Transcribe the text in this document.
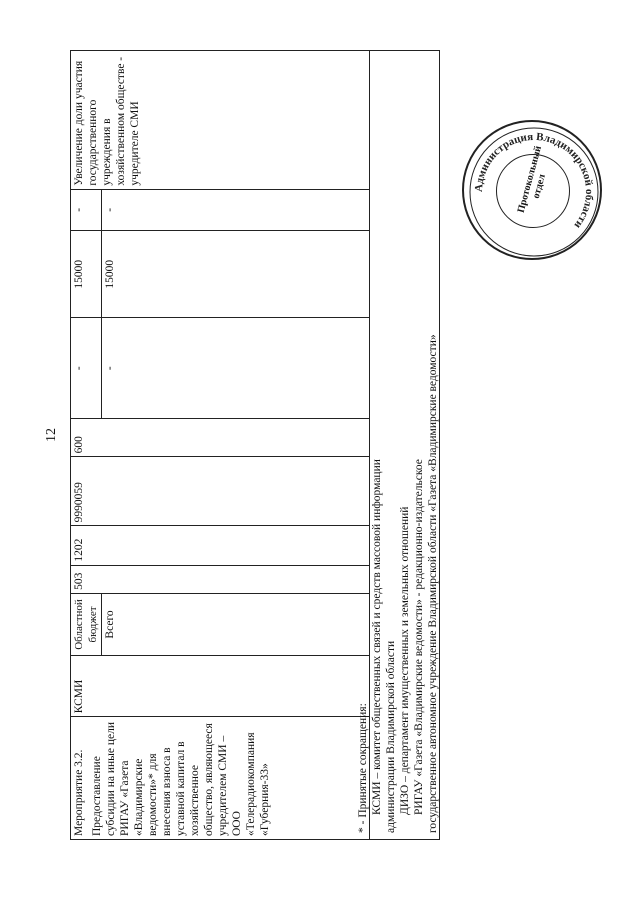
12
Мероприятие 3.2. Предоставление субсидии на иные цели РИГАУ «Газета «Владимирские ведомости»* для внесения взноса в уставной капитал в хозяйственное общество, являющееся учредителем СМИ – ООО «Телерадиокомпания «Губерния-33»	КСМИ	Областной бюджет	503	1202	9990059	600	-	15000	-	Увеличение доли участия государственного учреждения в хозяйственном обществе - учредителе СМИ
		Всего					-	15000	-	
* - Принятые сокращения: КСМИ – комитет общественных связей и средств массовой информации администрации Владимирской области ДИЗО – департамент имущественных и земельных отношений РИГАУ «Газета «Владимирские ведомости» - редакционно-издательское государственное автономное учреждение Владимирской области «Газета «Владимирские ведомости»
Администрация Владимирской области
Протокольный отдел
